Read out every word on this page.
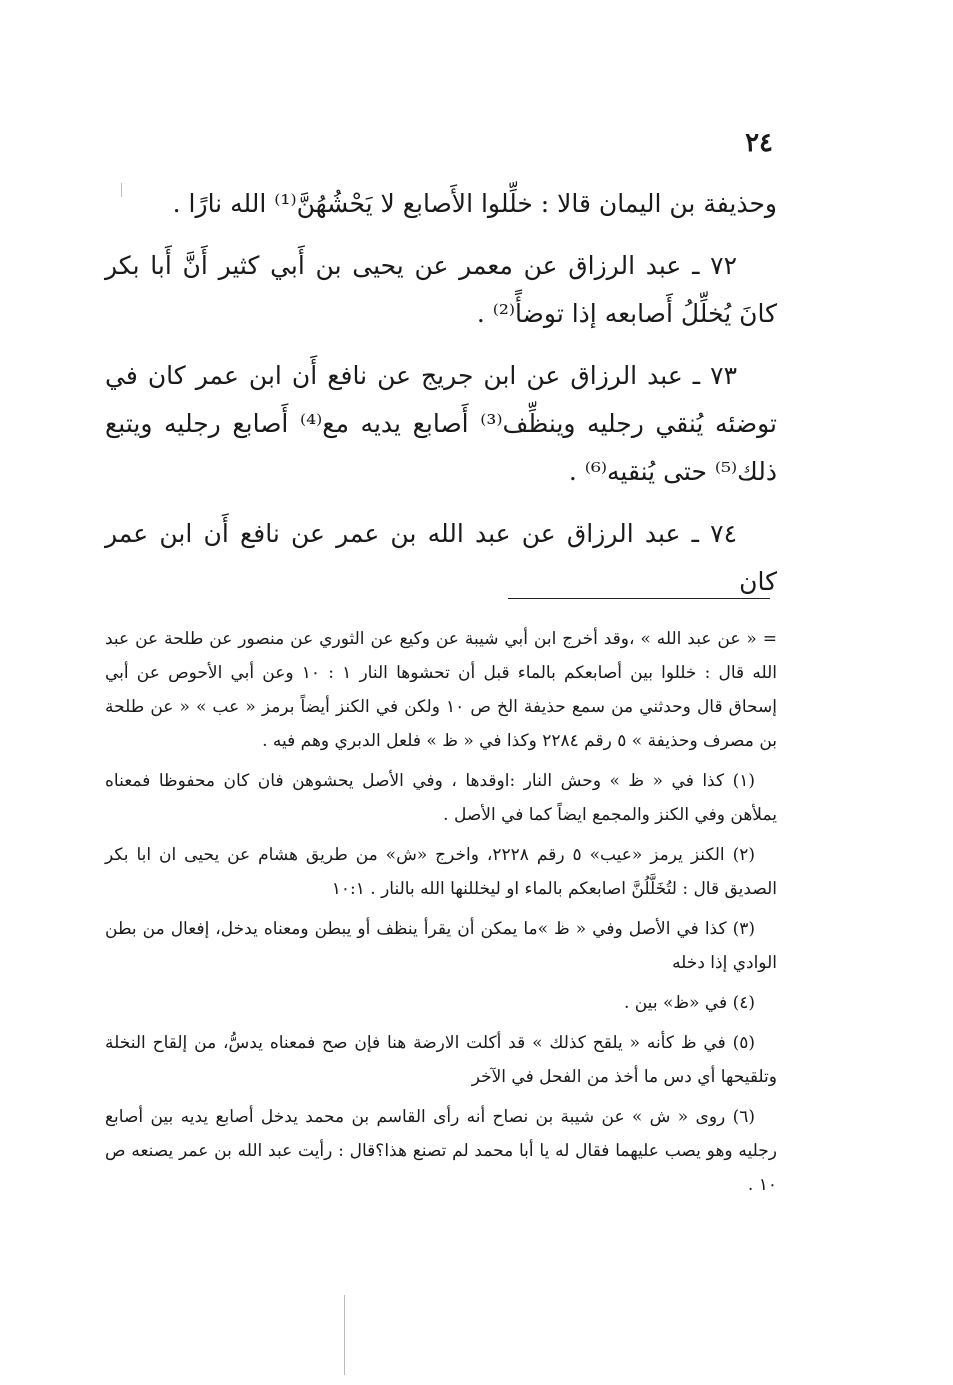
٢٤

وحذيفة بن اليمان قالا : خلِّلوا الأَصابع لا يَحْشُهُنَّ⁽¹⁾ الله نارًا .

٧٢ ـ عبد الرزاق عن معمر عن يحيى بن أَبي كثير أَنَّ أَبا بكر كانَ يُخلِّلُ أَصابعه إذا توضأً⁽²⁾ .

٧٣ ـ عبد الرزاق عن ابن جريج عن نافع أَن ابن عمر كان في توضئه يُنقي رجليه وينظِّف⁽³⁾ أَصابع يديه مع⁽⁴⁾ أَصابع رجليه ويتبع ذلك⁽⁵⁾ حتى يُنقيه⁽⁶⁾ .

٧٤ ـ عبد الرزاق عن عبد الله بن عمر عن نافع أَن ابن عمر كان

= « عن عبد الله » ،وقد أخرج ابن أبي شيبة عن وكيع عن الثوري عن منصور عن طلحة عن عبد الله قال : خللوا بين أصابعكم بالماء قبل أن تحشوها النار ١ : ١٠ وعن أبي الأحوص عن أبي إسحاق قال وحدثني من سمع حذيفة الخ ص ١٠ ولكن في الكنز أيضاً برمز « عب » « عن طلحة بن مصرف وحذيفة » ٥ رقم ٢٢٨٤ وكذا في « ظ » فلعل الدبري وهم فيه .

(١) كذا في « ظ » وحش النار :اوقدها ، وفي الأصل يحشوهن فان كان محفوظا فمعناه يملأهن وفي الكنز والمجمع ايضاً كما في الأصل .

(٢) الكنز يرمز «عيب» ٥ رقم ٢٢٢٨، واخرج «ش» من طريق هشام عن يحيى ان ابا بكر الصديق قال : لتُخَلَّلُنَّ اصابعكم بالماء او ليخللنها الله بالنار . ١٠:١

(٣) كذا في الأصل وفي « ظ »ما يمكن أن يقرأ ينظف أو يبطن ومعناه يدخل، إفعال من بطن الوادي إذا دخله

(٤) في «ظ» بين .

(٥) في ظ كأنه « يلقح كذلك » قد أكلت الارضة هنا فإن صح فمعناه يدسُّ، من إلقاح النخلة وتلقيحها أي دس ما أخذ من الفحل في الآخر

(٦) روى « ش » عن شيبة بن نصاح أنه رأى القاسم بن محمد يدخل أصابع يديه بين أصابع رجليه وهو يصب عليهما فقال له يا أبا محمد لم تصنع هذا؟قال : رأيت عبد الله بن عمر يصنعه ص ١٠ .
